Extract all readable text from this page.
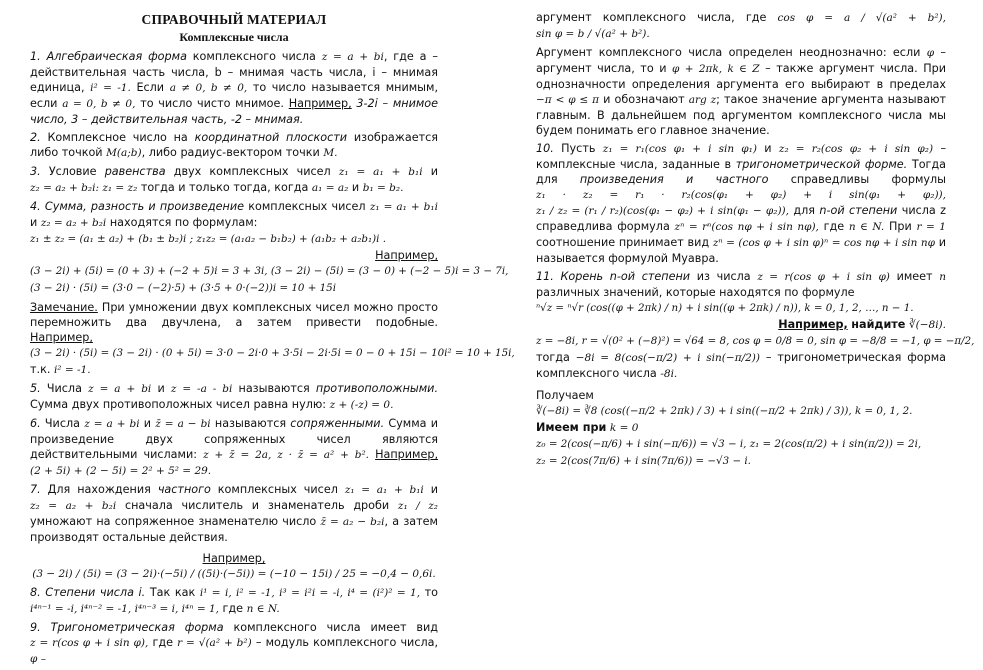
СПРАВОЧНЫЙ МАТЕРИАЛ
Комплексные числа
1. Алгебраическая форма комплексного числа z = a + bi, где a – действительная часть числа, b – мнимая часть числа, i – мнимая единица, i² = -1. Если a ≠ 0, b ≠ 0, то число называется мнимым, если a = 0, b ≠ 0, то число чисто мнимое. Например, 3-2i – мнимое число, 3 – действительная часть, -2 – мнимая.
2. Комплексное число на координатной плоскости изображается либо точкой M(a;b), либо радиус-вектором точки M.
3. Условие равенства двух комплексных чисел z₁ = a₁ + b₁i и z₂ = a₂ + b₂i: z₁ = z₂ тогда и только тогда, когда a₁ = a₂ и b₁ = b₂.
4. Сумма, разность и произведение комплексных чисел z₁ = a₁ + b₁i и z₂ = a₂ + b₂i находятся по формулам:
z₁ ± z₂ = (a₁ ± a₂) + (b₁ ± b₂)i ; z₁z₂ = (a₁a₂ − b₁b₂) + (a₁b₂ + a₂b₁)i .
Например,
(3 − 2i) + (5i) = (0 + 3) + (−2 + 5)i = 3 + 3i, (3 − 2i) − (5i) = (3 − 0) + (−2 − 5)i = 3 − 7i,
(3 − 2i) · (5i) = (3·0 − (−2)·5) + (3·5 + 0·(−2))i = 10 + 15i
Замечание. При умножении двух комплексных чисел можно просто перемножить два двучлена, а затем привести подобные. Например,
(3 − 2i) · (5i) = (3 − 2i) · (0 + 5i) = 3·0 − 2i·0 + 3·5i − 2i·5i = 0 − 0 + 15i − 10i² = 10 + 15i,
т.к. i² = -1.
5. Числа z = a + bi и z = -a - bi называются противоположными. Сумма двух противоположных чисел равна нулю: z + (-z) = 0.
6. Числа z = a + bi и z̄ = a − bi называются сопряженными. Сумма и произведение двух сопряженных чисел являются действительными числами: z + z̄ = 2a, z · z̄ = a² + b². Например, (2 + 5i) + (2 − 5i) = 2² + 5² = 29.
7. Для нахождения частного комплексных чисел z₁ = a₁ + b₁i и z₂ = a₂ + b₂i сначала числитель и знаменатель дроби z₁ / z₂ умножают на сопряженное знаменателю число z̄ = a₂ − b₂i, а затем производят остальные действия.
Например, (3 − 2i) / (5i) = (3 − 2i)·(−5i) / ((5i)·(−5i)) = (−10 − 15i) / 25 = −0,4 − 0,6i.
8. Степени числа i. Так как i¹ = i, i² = -1, i³ = i²i = -i, i⁴ = (i²)² = 1, то i⁴ⁿ⁻¹ = -i, i⁴ⁿ⁻² = -1, i⁴ⁿ⁻³ = i, i⁴ⁿ = 1, где n ∈ N.
9. Тригонометрическая форма комплексного числа имеет вид z = r(cos φ + i sin φ), где r = √(a² + b²) – модуль комплексного числа, φ –
аргумент комплексного числа, где cos φ = a / √(a² + b²), sin φ = b / √(a² + b²).
Аргумент комплексного числа определен неоднозначно: если φ – аргумент числа, то и φ + 2πk, k ∈ Z – также аргумент числа. При однозначности определения аргумента его выбирают в пределах −π < φ ≤ π и обозначают arg z; такое значение аргумента называют главным. В дальнейшем под аргументом комплексного числа мы будем понимать его главное значение.
10. Пусть z₁ = r₁(cos φ₁ + i sin φ₁) и z₂ = r₂(cos φ₂ + i sin φ₂) – комплексные числа, заданные в тригонометрической форме. Тогда для произведения и частного справедливы формулы z₁ · z₂ = r₁ · r₂(cos(φ₁ + φ₂) + i sin(φ₁ + φ₂)), z₁ / z₂ = (r₁ / r₂)(cos(φ₁ − φ₂) + i sin(φ₁ − φ₂)), для n-ой степени числа z справедлива формула zⁿ = rⁿ(cos nφ + i sin nφ), где n ∈ N. При r = 1 соотношение принимает вид zⁿ = (cos φ + i sin φ)ⁿ = cos nφ + i sin nφ и называется формулой Муавра.
11. Корень n-ой степени из числа z = r(cos φ + i sin φ) имеет n различных значений, которые находятся по формуле
ⁿ√z = ⁿ√r (cos((φ + 2πk) / n) + i sin((φ + 2πk) / n)), k = 0, 1, 2, …, n − 1.
Например, найдите ∛(−8i).
z = −8i, r = √(0² + (−8)²) = √64 = 8, cos φ = 0/8 = 0, sin φ = −8/8 = −1, φ = −π/2,
тогда −8i = 8(cos(−π/2) + i sin(−π/2)) – тригонометрическая форма комплексного числа -8i.
Получаем
∛(−8i) = ∛8 (cos((−π/2 + 2πk) / 3) + i sin((−π/2 + 2πk) / 3)), k = 0, 1, 2.
Имеем при k = 0
z₀ = 2(cos(−π/6) + i sin(−π/6)) = √3 − i, z₁ = 2(cos(π/2) + i sin(π/2)) = 2i,
z₂ = 2(cos(7π/6) + i sin(7π/6)) = −√3 − i.
